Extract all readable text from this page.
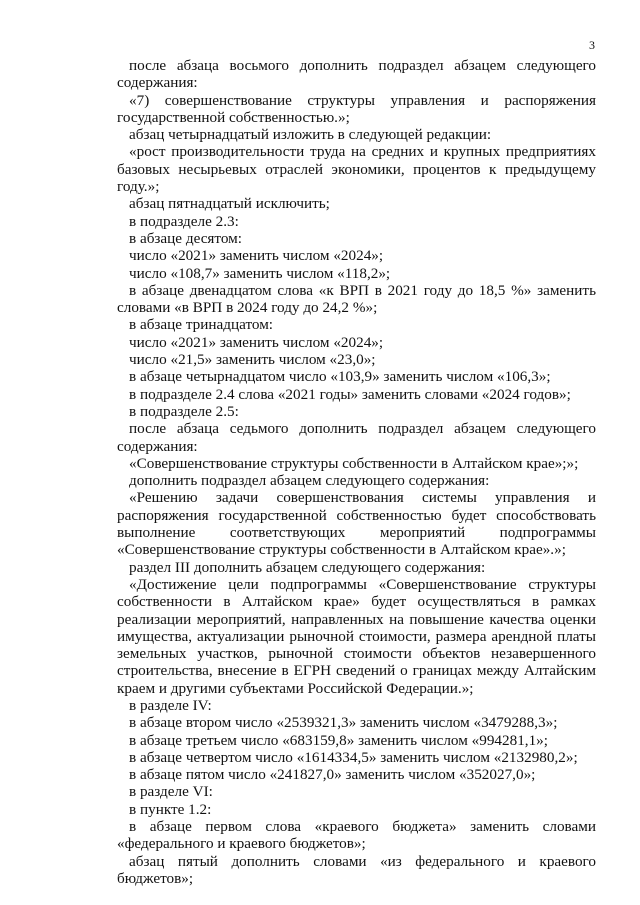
3

после абзаца восьмого дополнить подраздел абзацем следующего содержания:

«7) совершенствование структуры управления и распоряжения государственной собственностью.»;

абзац четырнадцатый изложить в следующей редакции:

«рост производительности труда на средних и крупных предприятиях базовых несырьевых отраслей экономики, процентов к предыдущему году.»;

абзац пятнадцатый исключить;

в подразделе 2.3:

в абзаце десятом:

число «2021» заменить числом «2024»;

число «108,7» заменить числом «118,2»;

в абзаце двенадцатом слова «к ВРП в 2021 году до 18,5 %» заменить словами «в ВРП в 2024 году до 24,2 %»;

в абзаце тринадцатом:

число «2021» заменить числом «2024»;

число «21,5» заменить числом «23,0»;

в абзаце четырнадцатом число «103,9» заменить числом «106,3»;

в подразделе 2.4 слова «2021 годы» заменить словами «2024 годов»;

в подразделе 2.5:

после абзаца седьмого дополнить подраздел абзацем следующего содержания:

«Совершенствование структуры собственности в Алтайском крае»;»;

дополнить подраздел абзацем следующего содержания:

«Решению задачи совершенствования системы управления и распоряжения государственной собственностью будет способствовать выполнение соответствующих мероприятий подпрограммы «Совершенствование структуры собственности в Алтайском крае».»;

раздел III дополнить абзацем следующего содержания:

«Достижение цели подпрограммы «Совершенствование структуры собственности в Алтайском крае» будет осуществляться в рамках реализации мероприятий, направленных на повышение качества оценки имущества, актуализации рыночной стоимости, размера арендной платы земельных участков, рыночной стоимости объектов незавершенного строительства, внесение в ЕГРН сведений о границах между Алтайским краем и другими субъектами Российской Федерации.»;

в разделе IV:

в абзаце втором число «2539321,3» заменить числом «3479288,3»;

в абзаце третьем число «683159,8» заменить числом «994281,1»;

в абзаце четвертом число «1614334,5» заменить числом «2132980,2»;

в абзаце пятом число «241827,0» заменить числом «352027,0»;

в разделе VI:

в пункте 1.2:

в абзаце первом слова «краевого бюджета» заменить словами «федерального и краевого бюджетов»;

абзац пятый дополнить словами «из федерального и краевого бюджетов»;
